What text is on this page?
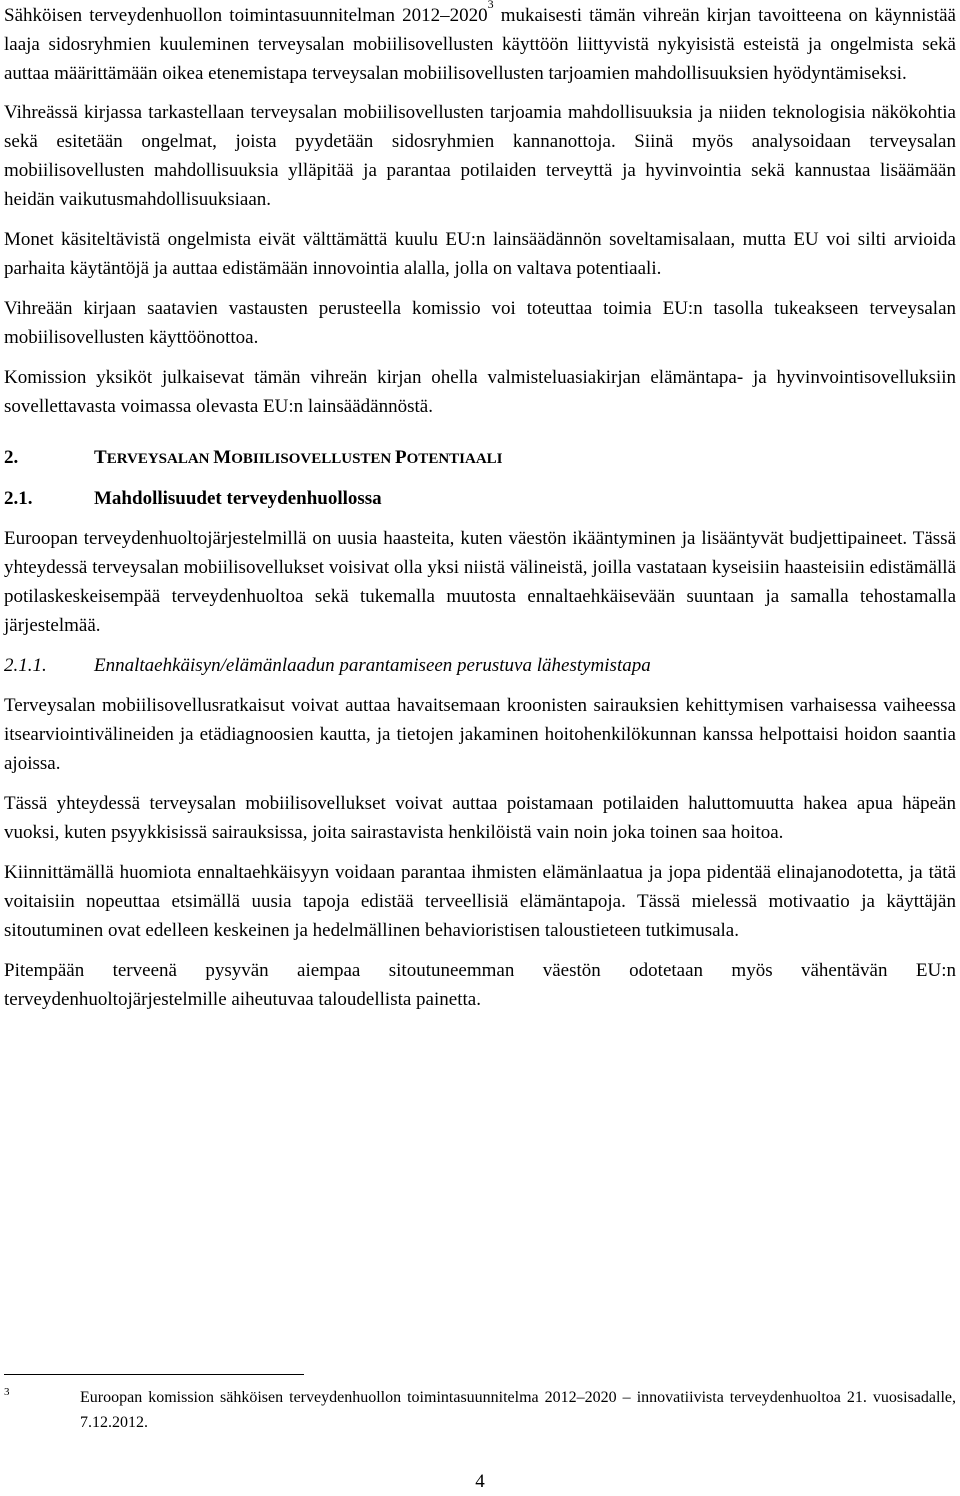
Sähköisen terveydenhuollon toimintasuunnitelman 2012–2020$^3$ mukaisesti tämän vihreän kirjan tavoitteena on käynnistää laaja sidosryhmien kuuleminen terveysalan mobiilisovellusten käyttöön liittyvistä nykyisistä esteistä ja ongelmista sekä auttaa määrittämään oikea etenemistapa terveysalan mobiilisovellusten tarjoamien mahdollisuuksien hyödyntämiseksi.

Vihreässä kirjassa tarkastellaan terveysalan mobiilisovellusten tarjoamia mahdollisuuksia ja niiden teknologisia näkökohtia sekä esitetään ongelmat, joista pyydetään sidosryhmien kannanottoja. Siinä myös analysoidaan terveysalan mobiilisovellusten mahdollisuuksia ylläpitää ja parantaa potilaiden terveyttä ja hyvinvointia sekä kannustaa lisäämään heidän vaikutusmahdollisuuksiaan.

Monet käsiteltävistä ongelmista eivät välttämättä kuulu EU:n lainsäädännön soveltamisalaan, mutta EU voi silti arvioida parhaita käytäntöjä ja auttaa edistämään innovointia alalla, jolla on valtava potentiaali.

Vihreään kirjaan saatavien vastausten perusteella komissio voi toteuttaa toimia EU:n tasolla tukeakseen terveysalan mobiilisovellusten käyttöönottoa.

Komission yksiköt julkaisevat tämän vihreän kirjan ohella valmisteluasiakirjan elämäntapa- ja hyvinvointisovelluksiin sovellettavasta voimassa olevasta EU:n lainsäädännöstä.

2.	TERVEYSALAN MOBIILISOVELLUSTEN POTENTIAALI
2.1.	Mahdollisuudet terveydenhuollossa

Euroopan terveydenhuoltojärjestelmillä on uusia haasteita, kuten väestön ikääntyminen ja lisääntyvät budjettipaineet. Tässä yhteydessä terveysalan mobiilisovellukset voisivat olla yksi niistä välineistä, joilla vastataan kyseisiin haasteisiin edistämällä potilaskeskeisempää terveydenhuoltoa sekä tukemalla muutosta ennaltaehkäisevään suuntaan ja samalla tehostamalla järjestelmää.

2.1.1.	Ennaltaehkäisyn/elämänlaadun parantamiseen perustuva lähestymistapa

Terveysalan mobiilisovellusratkaisut voivat auttaa havaitsemaan kroonisten sairauksien kehittymisen varhaisessa vaiheessa itsearviointivälineiden ja etädiagnoosien kautta, ja tietojen jakaminen hoitohenkilökunnan kanssa helpottaisi hoidon saantia ajoissa.

Tässä yhteydessä terveysalan mobiilisovellukset voivat auttaa poistamaan potilaiden haluttomuutta hakea apua häpeän vuoksi, kuten psyykkisissä sairauksissa, joita sairastavista henkilöistä vain noin joka toinen saa hoitoa.

Kiinnittämällä huomiota ennaltaehkäisyyn voidaan parantaa ihmisten elämänlaatua ja jopa pidentää elinajanodotetta, ja tätä voitaisiin nopeuttaa etsimällä uusia tapoja edistää terveellisiä elämäntapoja. Tässä mielessä motivaatio ja käyttäjän sitoutuminen ovat edelleen keskeinen ja hedelmällinen behavioristisen taloustieteen tutkimusala.

Pitempään terveenä pysyvän aiempaa sitoutuneemman väestön odotetaan myös vähentävän EU:n terveydenhuoltojärjestelmille aiheutuvaa taloudellista painetta.

3	Euroopan komission sähköisen terveydenhuollon toimintasuunnitelma 2012–2020 – innovatiivista terveydenhuoltoa 21. vuosisadalle, 7.12.2012.
4
